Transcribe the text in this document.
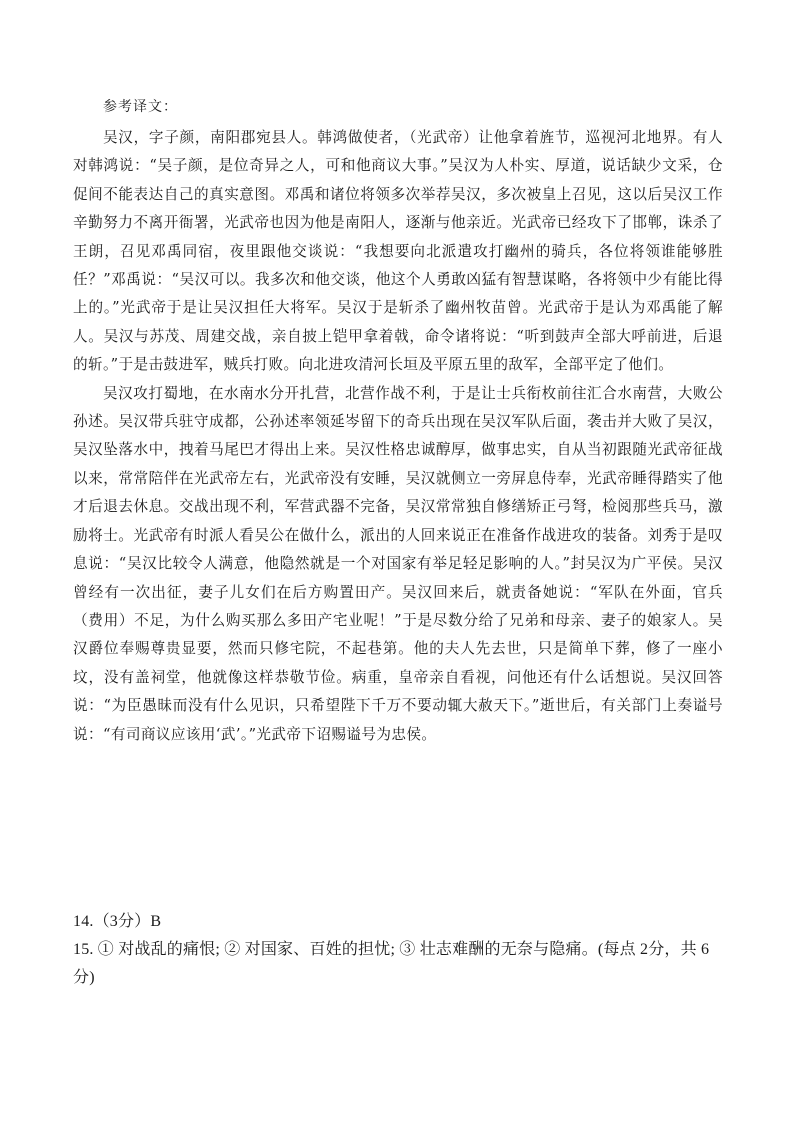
参考译文：

吴汉，字子颜，南阳郡宛县人。韩鸿做使者，（光武帝）让他拿着旌节，巡视河北地界。有人对韩鸿说：“吴子颜，是位奇异之人，可和他商议大事。”吴汉为人朴实、厚道，说话缺少文采，仓促间不能表达自己的真实意图。邓禹和诸位将领多次举荐吴汉，多次被皇上召见，这以后吴汉工作辛勤努力不离开衙署，光武帝也因为他是南阳人，逐渐与他亲近。光武帝已经攻下了邯郸，诛杀了王朗，召见邓禹同宿，夜里跟他交谈说：“我想要向北派遣攻打幽州的骑兵，各位将领谁能够胜任？”邓禹说：“吴汉可以。我多次和他交谈，他这个人勇敢凶猛有智慧谋略，各将领中少有能比得上的。”光武帝于是让吴汉担任大将军。吴汉于是斩杀了幽州牧苗曾。光武帝于是认为邓禹能了解人。吴汉与苏茂、周建交战，亲自披上铠甲拿着戟，命令诸将说：“听到鼓声全部大呼前进，后退的斩。”于是击鼓进军，贼兵打败。向北进攻清河长垣及平原五里的敌军，全部平定了他们。

吴汉攻打蜀地，在水南水分开扎营，北营作战不利，于是让士兵衔枚前往汇合水南营，大败公孙述。吴汉带兵驻守成都，公孙述率领延岑留下的奇兵出现在吴汉军队后面，袭击并大败了吴汉，吴汉坠落水中，拽着马尾巴才得出上来。吴汉性格忠诚醇厚，做事忠实，自从当初跟随光武帝征战以来，常常陪伴在光武帝左右，光武帝没有安睡，吴汉就侧立一旁屏息侍奉，光武帝睡得踏实了他才后退去休息。交战出现不利，军营武器不完备，吴汉常常独自修缮矫正弓弩，检阅那些兵马，激励将士。光武帝有时派人看吴公在做什么，派出的人回来说正在准备作战进攻的装备。刘秀于是叹息说：“吴汉比较令人满意，他隐然就是一个对国家有举足轻足影响的人。”封吴汉为广平侯。吴汉曾经有一次出征，妻子儿女们在后方购置田产。吴汉回来后，就责备她说：“军队在外面，官兵（费用）不足，为什么购买那么多田产宅业呢！”于是尽数分给了兄弟和母亲、妻子的娘家人。吴汉爵位奉赐尊贵显要，然而只修宅院，不起巷第。他的夫人先去世，只是简单下葬，修了一座小坟，没有盖祠堂，他就像这样恭敬节俭。病重，皇帝亲自看视，问他还有什么话想说。吴汉回答说：“为臣愚昧而没有什么见识，只希望陛下千万不要动辄大赦天下。”逝世后，有关部门上奏谥号说：“有司商议应该用‘武’。”光武帝下诏赐谥号为忠侯。

14.（3分）B

15. ① 对战乱的痛恨; ② 对国家、百姓的担忧; ③ 壮志难酬的无奈与隐痛。(每点 2分，共 6分)
